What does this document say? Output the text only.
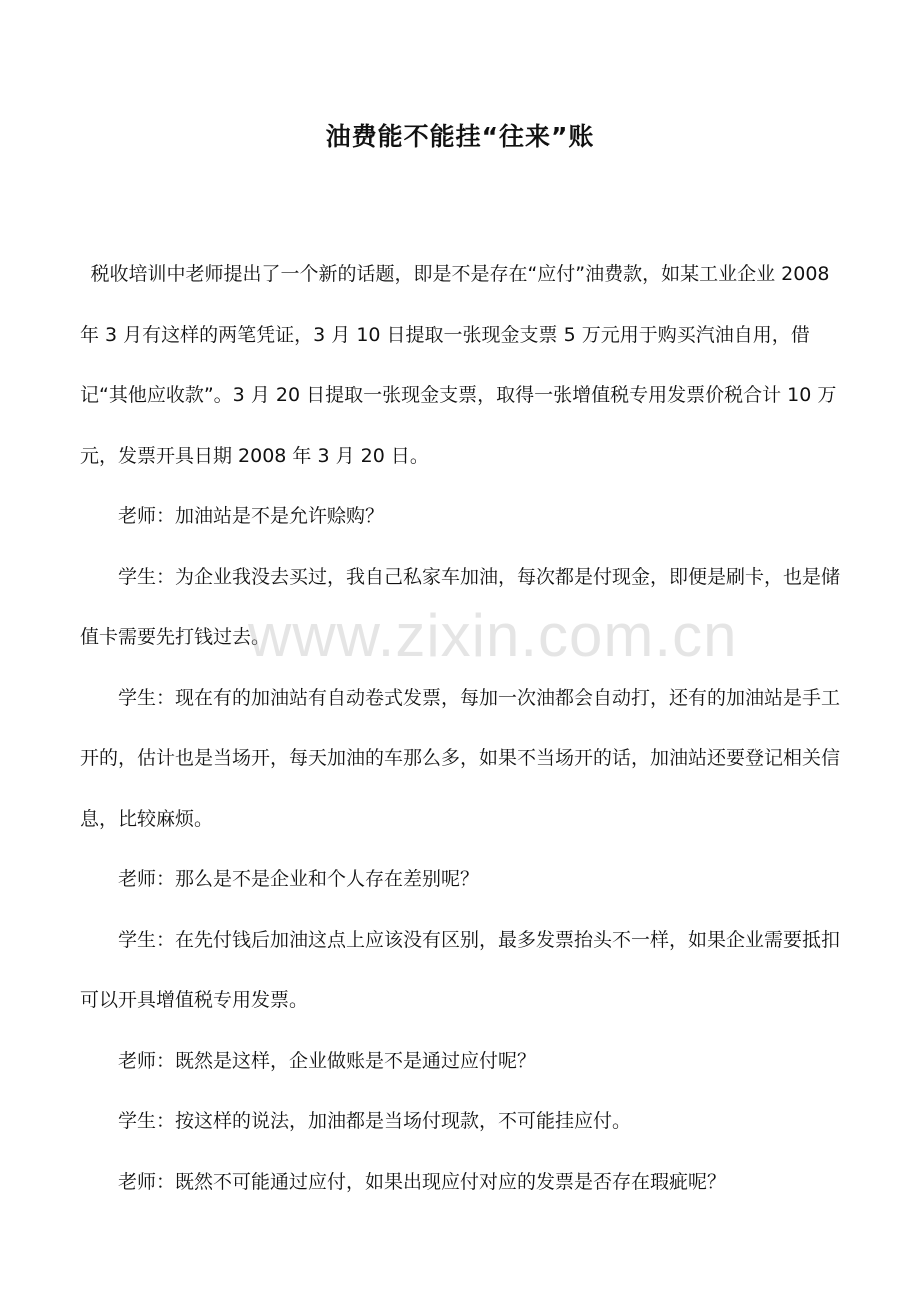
油费能不能挂“往来”账

税收培训中老师提出了一个新的话题，即是不是存在“应付”油费款，如某工业企业 2008 年 3 月有这样的两笔凭证，3 月 10 日提取一张现金支票 5 万元用于购买汽油自用，借记“其他应收款”。3 月 20 日提取一张现金支票，取得一张增值税专用发票价税合计 10 万元，发票开具日期 2008 年 3 月 20 日。

老师：加油站是不是允许赊购？

学生：为企业我没去买过，我自己私家车加油，每次都是付现金，即便是刷卡，也是储值卡需要先打钱过去。

学生：现在有的加油站有自动卷式发票，每加一次油都会自动打，还有的加油站是手工开的，估计也是当场开，每天加油的车那么多，如果不当场开的话，加油站还要登记相关信息，比较麻烦。

老师：那么是不是企业和个人存在差别呢？

学生：在先付钱后加油这点上应该没有区别，最多发票抬头不一样，如果企业需要抵扣可以开具增值税专用发票。

老师：既然是这样，企业做账是不是通过应付呢？

学生：按这样的说法，加油都是当场付现款，不可能挂应付。

老师：既然不可能通过应付，如果出现应付对应的发票是否存在瑕疵呢？

www.zixin.com.cn
